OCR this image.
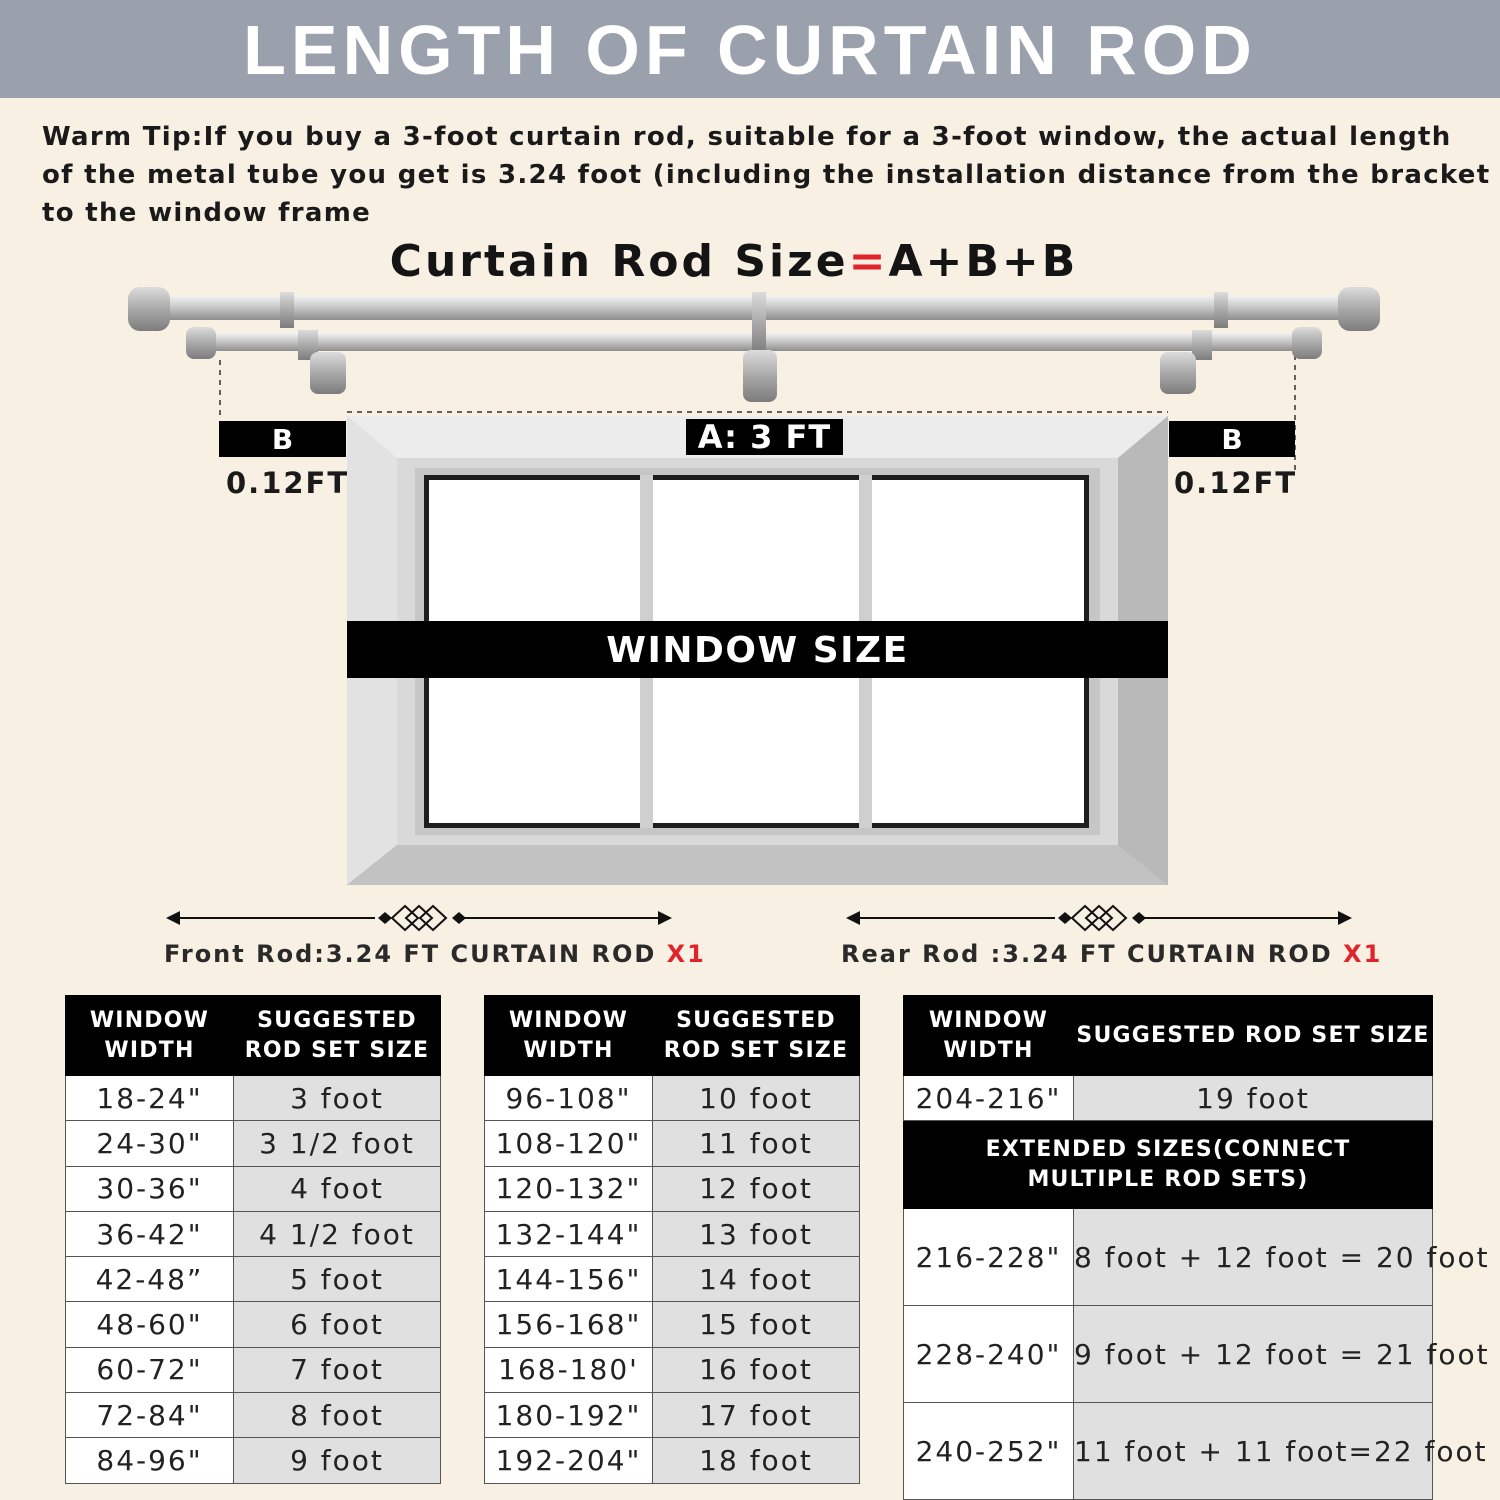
LENGTH OF CURTAIN ROD
Warm Tip:If you buy a 3-foot curtain rod, suitable for a 3-foot window, the actual length of the metal tube you get is 3.24 foot (including the installation distance from the bracket to the window frame
Curtain Rod Size=A+B+B
B
0.12FT
B
0.12FT
A: 3 FT
WINDOW SIZE
Front Rod:3.24 FT CURTAIN ROD X1	Rear Rod :3.24 FT CURTAIN ROD X1
WINDOW WIDTH	SUGGESTED ROD SET SIZE
18-24"	3 foot
24-30"	3 1/2 foot
30-36"	4 foot
36-42"	4 1/2 foot
42-48”	5 foot
48-60"	6 foot
60-72"	7 foot
72-84"	8 foot
84-96"	9 foot
WINDOW WIDTH	SUGGESTED ROD SET SIZE
96-108"	10 foot
108-120"	11 foot
120-132"	12 foot
132-144"	13 foot
144-156"	14 foot
156-168"	15 foot
168-180'	16 foot
180-192"	17 foot
192-204"	18 foot
WINDOW WIDTH	SUGGESTED ROD SET SIZE
204-216"	19 foot
EXTENDED SIZES(CONNECT MULTIPLE ROD SETS)	
216-228"	8 foot + 12 foot = 20 foot
228-240"	9 foot + 12 foot = 21 foot
240-252"	11 foot + 11 foot=22 foot
